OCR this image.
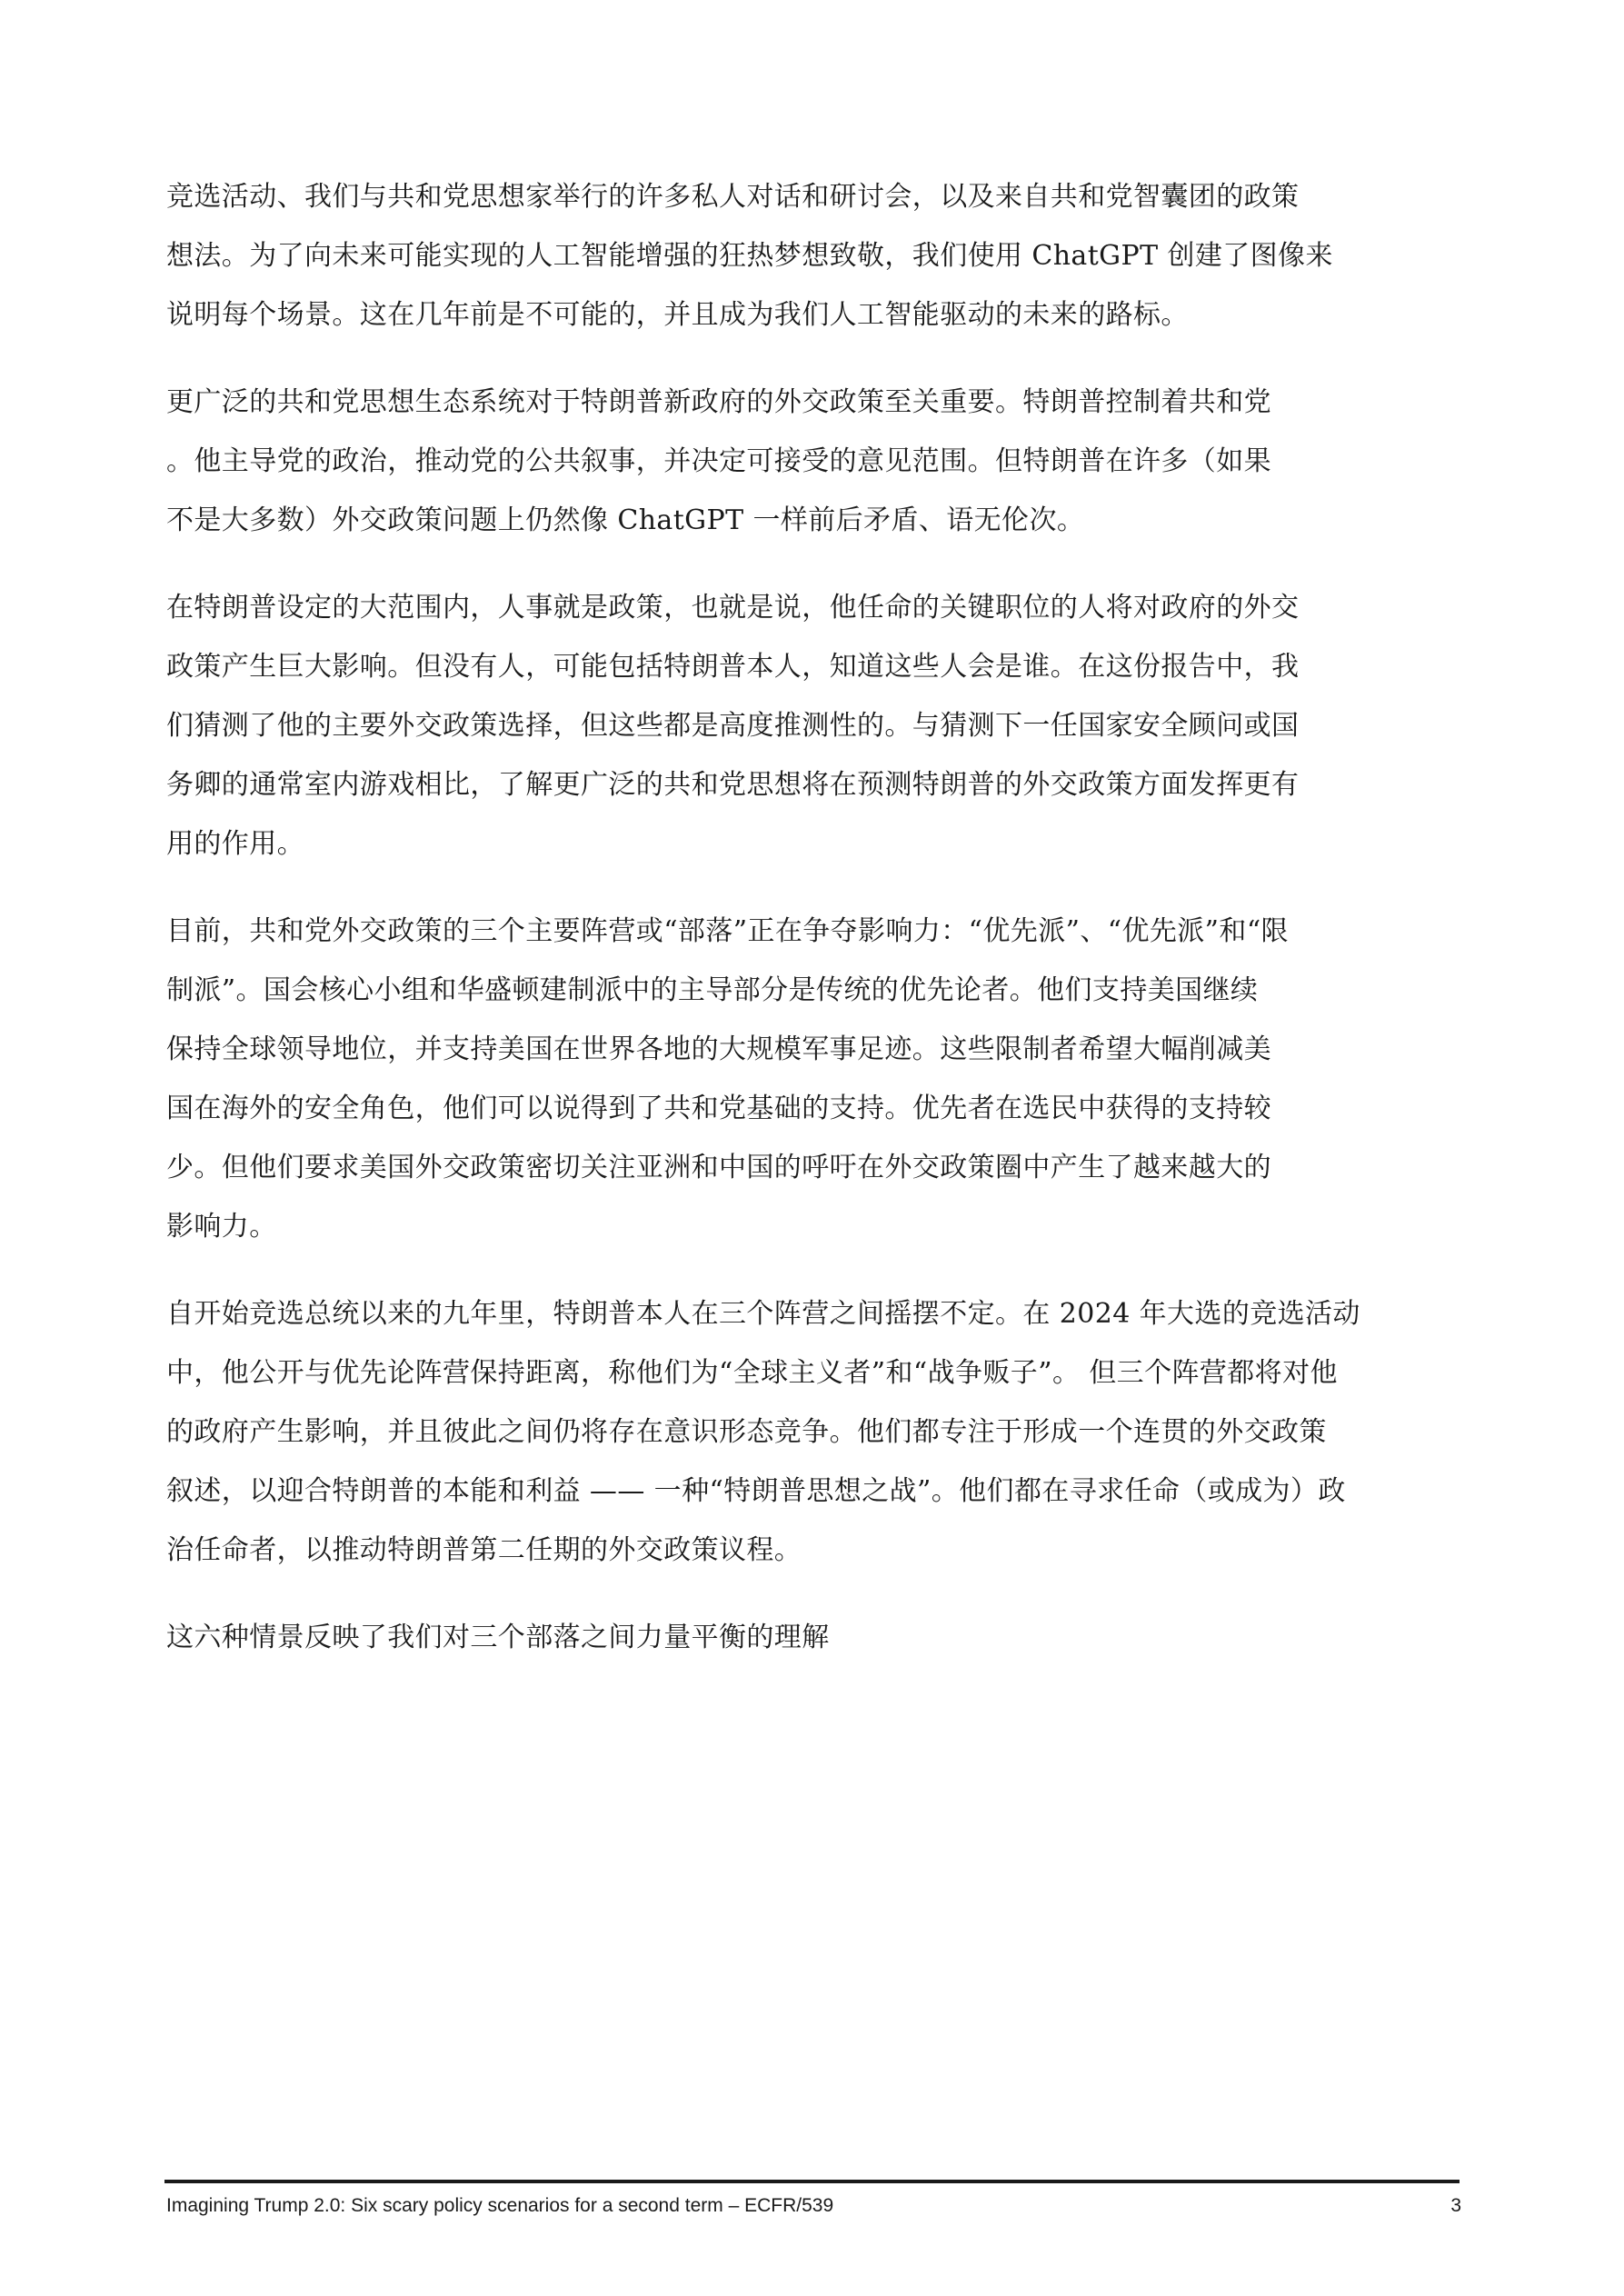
竞选活动、我们与共和党思想家举行的许多私人对话和研讨会，以及来自共和党智囊团的政策
想法。为了向未来可能实现的人工智能增强的狂热梦想致敬，我们使用 ChatGPT 创建了图像来
说明每个场景。这在几年前是不可能的，并且成为我们人工智能驱动的未来的路标。
更广泛的共和党思想生态系统对于特朗普新政府的外交政策至关重要。特朗普控制着共和党
。他主导党的政治，推动党的公共叙事，并决定可接受的意见范围。但特朗普在许多（如果
不是大多数）外交政策问题上仍然像 ChatGPT 一样前后矛盾、语无伦次。
在特朗普设定的大范围内，人事就是政策，也就是说，他任命的关键职位的人将对政府的外交
政策产生巨大影响。但没有人，可能包括特朗普本人，知道这些人会是谁。在这份报告中，我
们猜测了他的主要外交政策选择，但这些都是高度推测性的。与猜测下一任国家安全顾问或国
务卿的通常室内游戏相比，了解更广泛的共和党思想将在预测特朗普的外交政策方面发挥更有
用的作用。
目前，共和党外交政策的三个主要阵营或“部落”正在争夺影响力：“优先派”、“优先派”和“限
制派”。国会核心小组和华盛顿建制派中的主导部分是传统的优先论者。他们支持美国继续
保持全球领导地位，并支持美国在世界各地的大规模军事足迹。这些限制者希望大幅削减美
国在海外的安全角色，他们可以说得到了共和党基础的支持。优先者在选民中获得的支持较
少。但他们要求美国外交政策密切关注亚洲和中国的呼吁在外交政策圈中产生了越来越大的
影响力。
自开始竞选总统以来的九年里，特朗普本人在三个阵营之间摇摆不定。在 2024 年大选的竞选活动
中，他公开与优先论阵营保持距离，称他们为“全球主义者”和“战争贩子”。 但三个阵营都将对他
的政府产生影响，并且彼此之间仍将存在意识形态竞争。他们都专注于形成一个连贯的外交政策
叙述，以迎合特朗普的本能和利益 —— 一种“特朗普思想之战”。他们都在寻求任命（或成为）政
治任命者，以推动特朗普第二任期的外交政策议程。
这六种情景反映了我们对三个部落之间力量平衡的理解
Imagining Trump 2.0: Six scary policy scenarios for a second term – ECFR/539	3
